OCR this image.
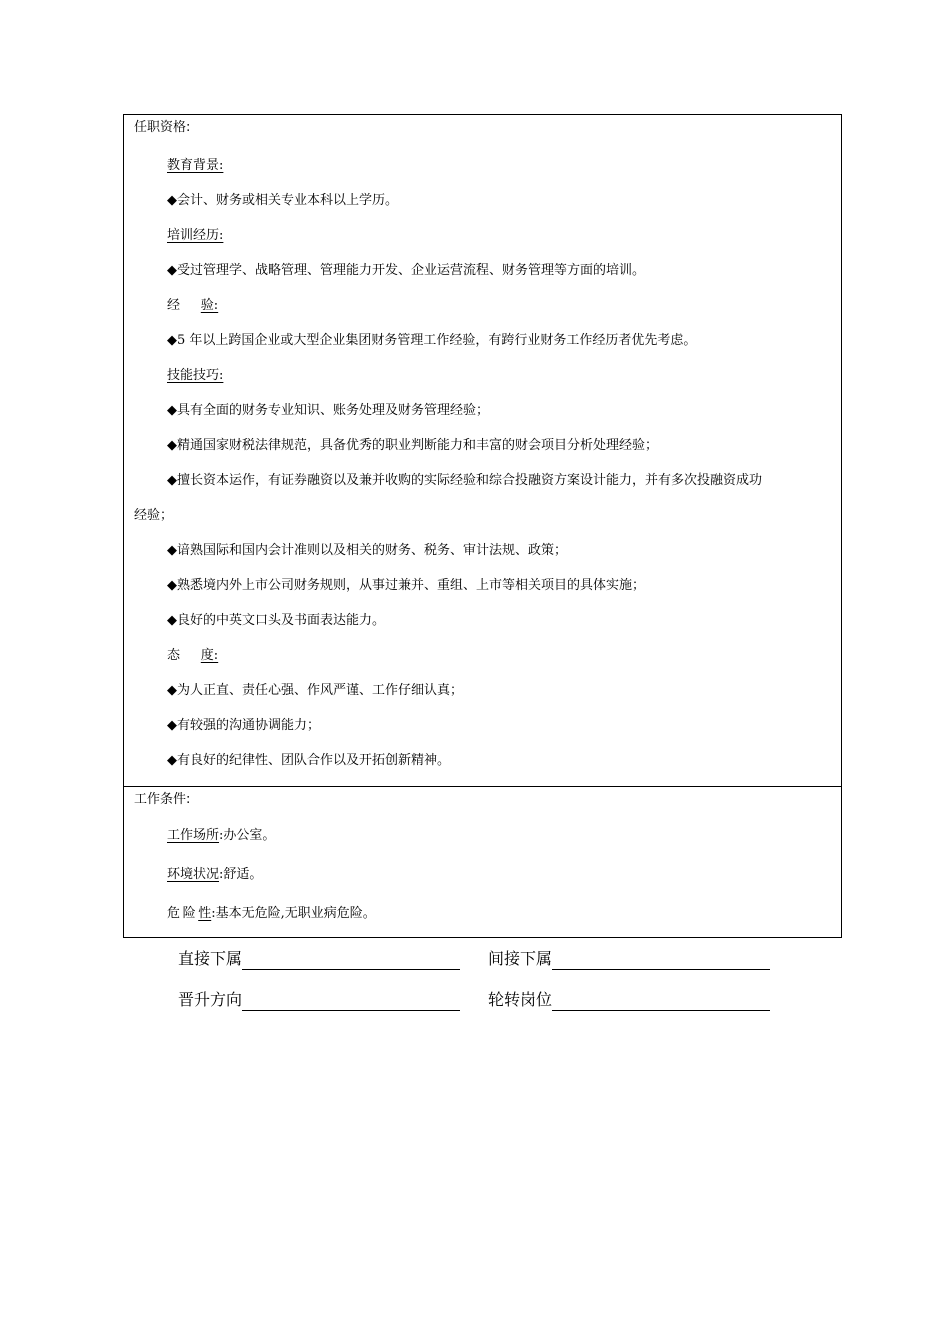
任职资格:
教育背景:
◆会计、财务或相关专业本科以上学历。
培训经历:
◆受过管理学、战略管理、管理能力开发、企业运营流程、财务管理等方面的培训。
经 验:
◆5 年以上跨国企业或大型企业集团财务管理工作经验，有跨行业财务工作经历者优先考虑。
技能技巧:
◆具有全面的财务专业知识、账务处理及财务管理经验；
◆精通国家财税法律规范，具备优秀的职业判断能力和丰富的财会项目分析处理经验；
◆擅长资本运作，有证券融资以及兼并收购的实际经验和综合投融资方案设计能力，并有多次投融资成功
经验；
◆谙熟国际和国内会计准则以及相关的财务、税务、审计法规、政策；
◆熟悉境内外上市公司财务规则，从事过兼并、重组、上市等相关项目的具体实施；
◆良好的中英文口头及书面表达能力。
态 度:
◆为人正直、责任心强、作风严谨、工作仔细认真；
◆有较强的沟通协调能力；
◆有良好的纪律性、团队合作以及开拓创新精神。
工作条件:
工作场所:办公室。
环境状况:舒适。
危 险 性:基本无危险,无职业病危险。
直接下属	间接下属
晋升方向	轮转岗位
